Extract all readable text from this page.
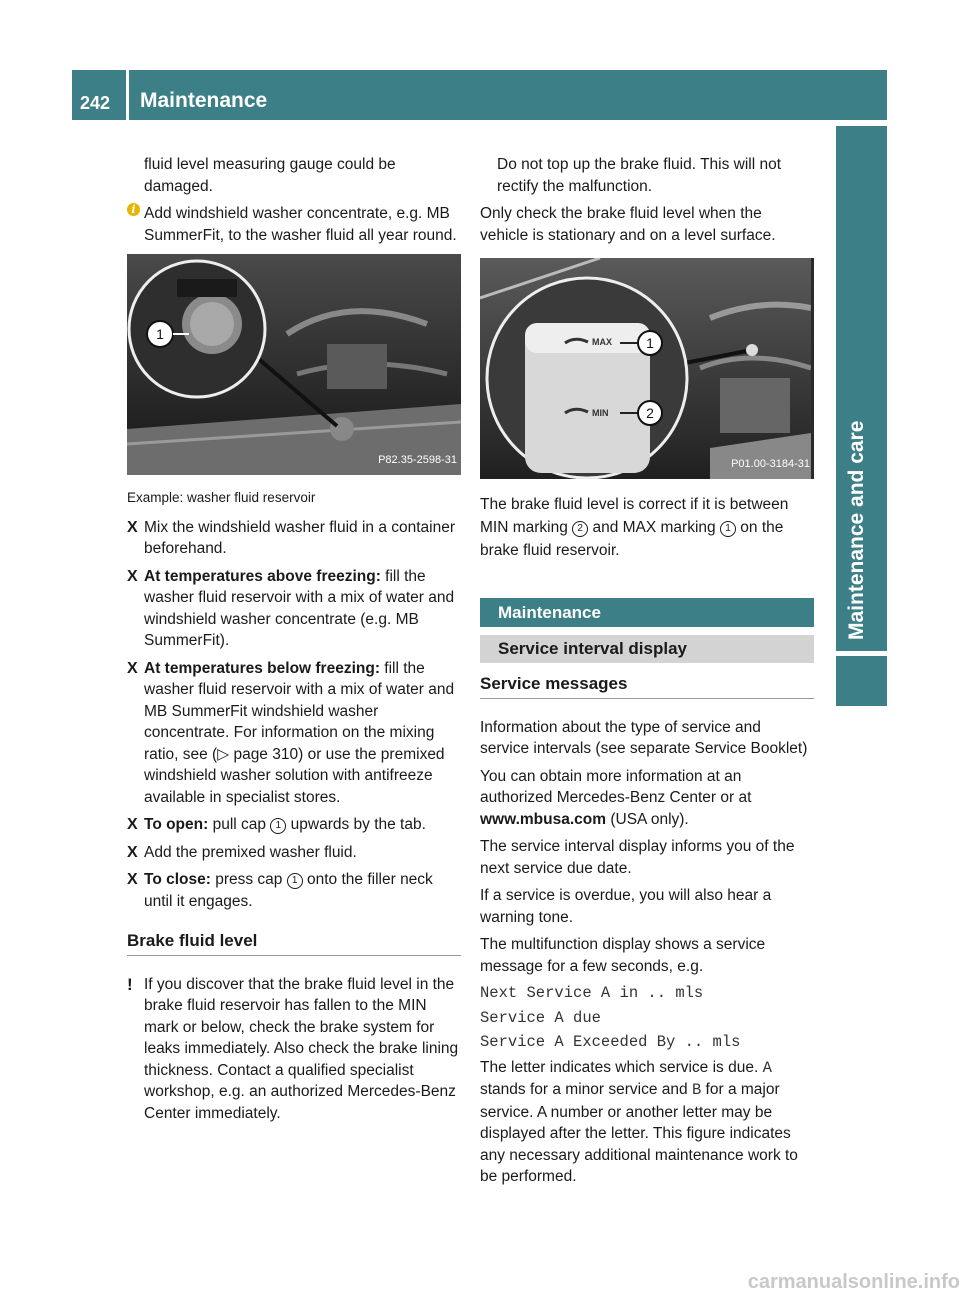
242 Maintenance
Maintenance and care

fluid level measuring gauge could be damaged.

i Add windshield washer concentrate, e.g. MB SummerFit, to the washer fluid all year round.
1
P82.35-2598-31

Example: washer fluid reservoir

X Mix the windshield washer fluid in a container beforehand.
X At temperatures above freezing: fill the washer fluid reservoir with a mix of water and windshield washer concentrate (e.g. MB SummerFit).
X At temperatures below freezing: fill the washer fluid reservoir with a mix of water and MB SummerFit windshield washer concentrate. For information on the mixing ratio, see (▷ page 310) or use the premixed windshield washer solution with antifreeze available in specialist stores.
X To open: pull cap 1 upwards by the tab.
X Add the premixed washer fluid.
X To close: press cap 1 onto the filler neck until it engages.
Brake fluid level
! If you discover that the brake fluid level in the brake fluid reservoir has fallen to the MIN mark or below, check the brake system for leaks immediately. Also check the brake lining thickness. Contact a qualified specialist workshop, e.g. an authorized Mercedes-Benz Center immediately.

Do not top up the brake fluid. This will not rectify the malfunction.

Only check the brake fluid level when the vehicle is stationary and on a level surface.

MAX
MIN
1
2
P01.00-3184-31

The brake fluid level is correct if it is between MIN marking 2 and MAX marking 1 on the brake fluid reservoir.

Maintenance
Service interval display
Service messages

Information about the type of service and service intervals (see separate Service Booklet)

You can obtain more information at an authorized Mercedes-Benz Center or at www.mbusa.com (USA only).

The service interval display informs you of the next service due date.

If a service is overdue, you will also hear a warning tone.

The multifunction display shows a service message for a few seconds, e.g.

Next Service A in .. mls

Service A due

Service A Exceeded By .. mls

The letter indicates which service is due. A stands for a minor service and B for a major service. A number or another letter may be displayed after the letter. This figure indicates any necessary additional maintenance work to be performed.

carmanualsonline.info
